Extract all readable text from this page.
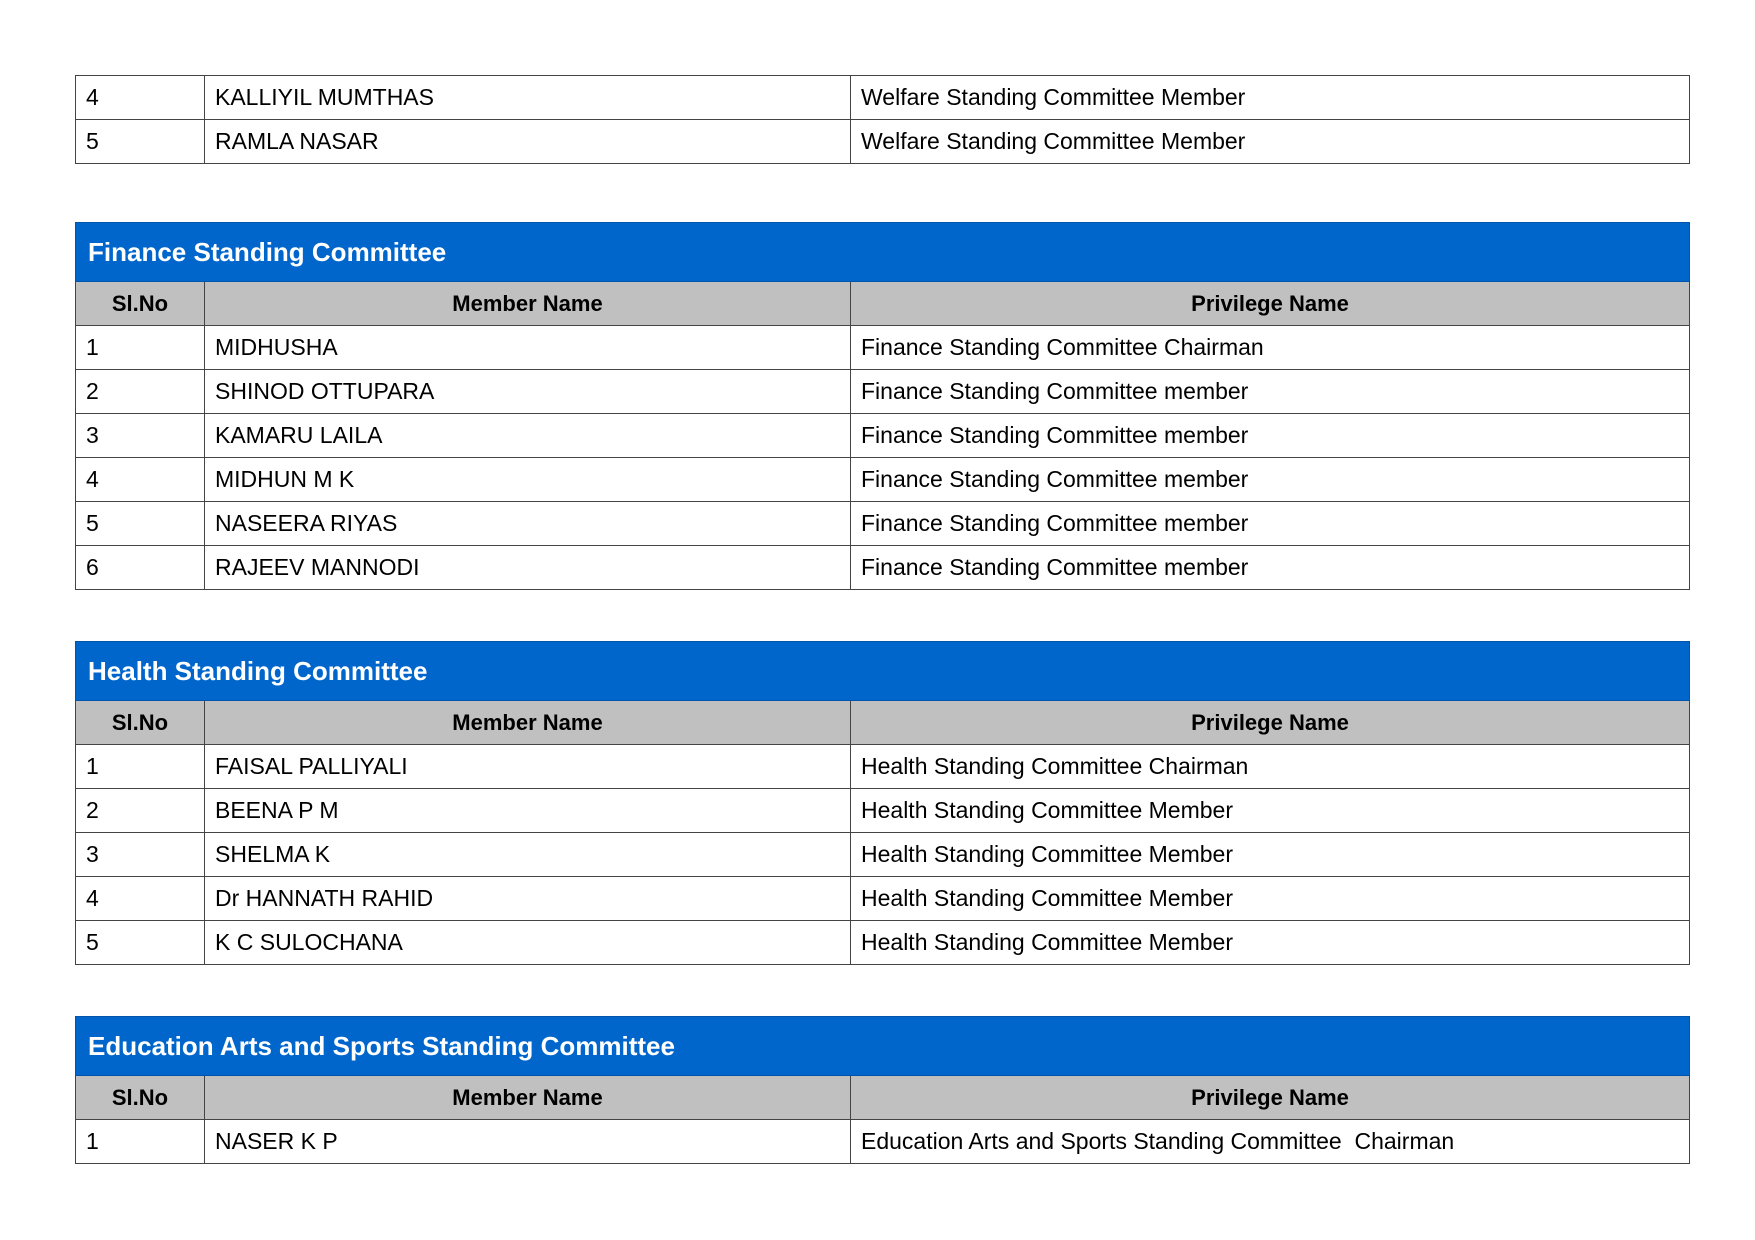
4	KALLIYIL MUMTHAS	Welfare Standing Committee Member
5	RAMLA NASAR	Welfare Standing Committee Member
Finance Standing Committee		
Sl.No	Member Name	Privilege Name
1	MIDHUSHA	Finance Standing Committee Chairman
2	SHINOD OTTUPARA	Finance Standing Committee member
3	KAMARU LAILA	Finance Standing Committee member
4	MIDHUN M K	Finance Standing Committee member
5	NASEERA RIYAS	Finance Standing Committee member
6	RAJEEV MANNODI	Finance Standing Committee member
Health Standing Committee		
Sl.No	Member Name	Privilege Name
1	FAISAL PALLIYALI	Health Standing Committee Chairman
2	BEENA P M	Health Standing Committee Member
3	SHELMA K	Health Standing Committee Member
4	Dr HANNATH RAHID	Health Standing Committee Member
5	K C SULOCHANA	Health Standing Committee Member
Education Arts and Sports Standing Committee		
Sl.No	Member Name	Privilege Name
1	NASER K P	Education Arts and Sports Standing Committee  Chairman
